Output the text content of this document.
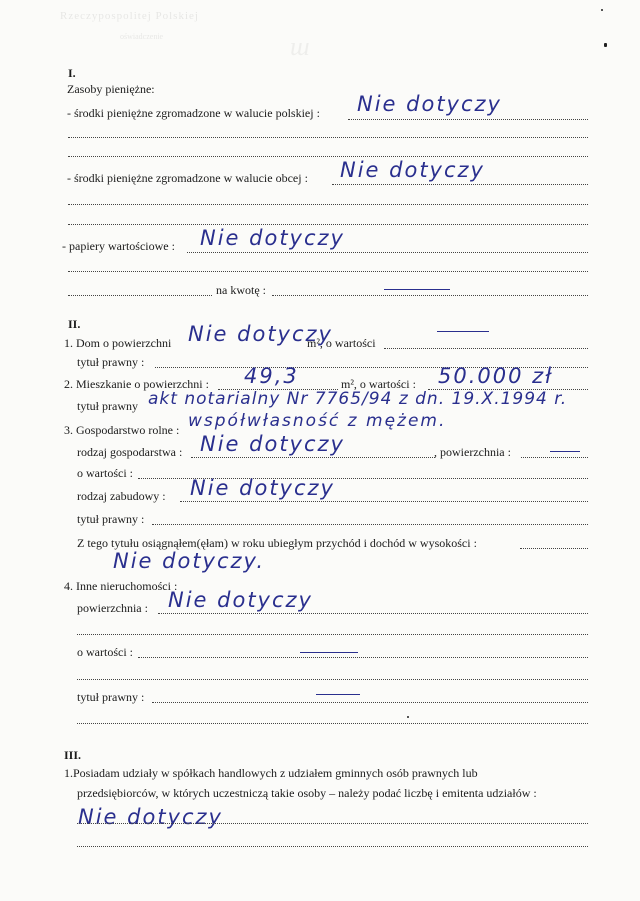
Rzeczypospolitej Polskiej
oświadczenie	ш
I.
Zasoby pieniężne:
- środki pieniężne zgromadzone w walucie polskiej : Nie dotyczy
- środki pieniężne zgromadzone w walucie obcej : Nie dotyczy
- papiery wartościowe : Nie dotyczy
na kwotę :
II.
1. Dom o powierzchni Nie dotyczy
m², o wartości
tytuł prawny :
2. Mieszkanie o powierzchni : 49,3	m², o wartości : 50.000 zł
tytuł prawny akt notarialny Nr 7765/94 z dn. 19.X.1994 r.
3. Gospodarstwo rolne : współwłasność z mężem.
rodzaj gospodarstwa : Nie dotyczy	, powierzchnia :
o wartości :
rodzaj zabudowy : Nie dotyczy
tytuł prawny :
Z tego tytułu osiągnąłem(ęłam) w roku ubiegłym przychód i dochód w wysokości :
Nie dotyczy.
4. Inne nieruchomości :
powierzchnia : Nie dotyczy
o wartości :
tytuł prawny :
III.
1.Posiadam udziały w spółkach handlowych z udziałem gminnych osób prawnych lub
przedsiębiorców, w których uczestniczą takie osoby – należy podać liczbę i emitenta udziałów :
Nie dotyczy
